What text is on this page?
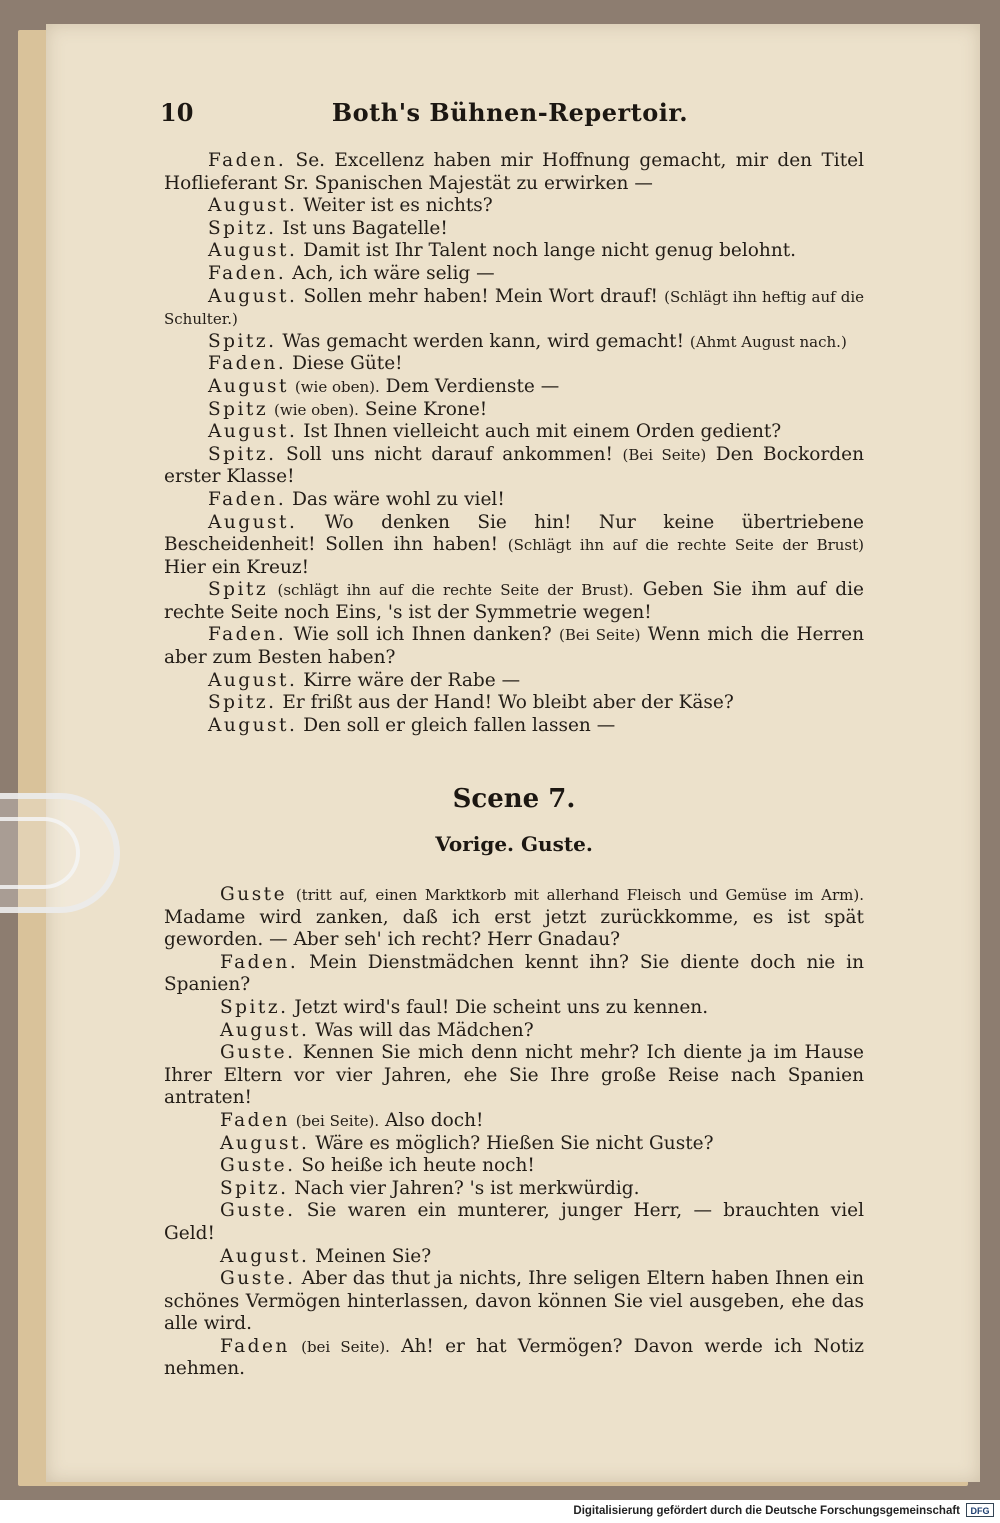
Both's Bühnen-Repertoir.
10

Faden. Se. Excellenz haben mir Hoffnung gemacht, mir den Titel Hoflieferant Sr. Spanischen Majestät zu erwirken —

August. Weiter ist es nichts?

Spitz. Ist uns Bagatelle!

August. Damit ist Ihr Talent noch lange nicht genug belohnt.

Faden. Ach, ich wäre selig —

August. Sollen mehr haben! Mein Wort drauf! (Schlägt ihn heftig auf die Schulter.)

Spitz. Was gemacht werden kann, wird gemacht! (Ahmt August nach.)

Faden. Diese Güte!

August (wie oben). Dem Verdienste —

Spitz (wie oben). Seine Krone!

August. Ist Ihnen vielleicht auch mit einem Orden gedient?

Spitz. Soll uns nicht darauf ankommen! (Bei Seite) Den Bockorden erster Klasse!

Faden. Das wäre wohl zu viel!

August. Wo denken Sie hin! Nur keine übertriebene Bescheidenheit! Sollen ihn haben! (Schlägt ihn auf die rechte Seite der Brust) Hier ein Kreuz!

Spitz (schlägt ihn auf die rechte Seite der Brust). Geben Sie ihm auf die rechte Seite noch Eins, 's ist der Symmetrie wegen!

Faden. Wie soll ich Ihnen danken? (Bei Seite) Wenn mich die Herren aber zum Besten haben?

August. Kirre wäre der Rabe —

Spitz. Er frißt aus der Hand! Wo bleibt aber der Käse?

August. Den soll er gleich fallen lassen —

Scene 7.
Vorige. Guste.

Guste (tritt auf, einen Marktkorb mit allerhand Fleisch und Gemüse im Arm). Madame wird zanken, daß ich erst jetzt zurückkomme, es ist spät geworden. — Aber seh' ich recht? Herr Gnadau?

Faden. Mein Dienstmädchen kennt ihn? Sie diente doch nie in Spanien?

Spitz. Jetzt wird's faul! Die scheint uns zu kennen.

August. Was will das Mädchen?

Guste. Kennen Sie mich denn nicht mehr? Ich diente ja im Hause Ihrer Eltern vor vier Jahren, ehe Sie Ihre große Reise nach Spanien antraten!

Faden (bei Seite). Also doch!

August. Wäre es möglich? Hießen Sie nicht Guste?

Guste. So heiße ich heute noch!

Spitz. Nach vier Jahren? 's ist merkwürdig.

Guste. Sie waren ein munterer, junger Herr, — brauchten viel Geld!

August. Meinen Sie?

Guste. Aber das thut ja nichts, Ihre seligen Eltern haben Ihnen ein schönes Vermögen hinterlassen, davon können Sie viel ausgeben, ehe das alle wird.

Faden (bei Seite). Ah! er hat Vermögen? Davon werde ich Notiz nehmen.

Digitalisierung gefördert durch die Deutsche Forschungsgemeinschaft	DFG
